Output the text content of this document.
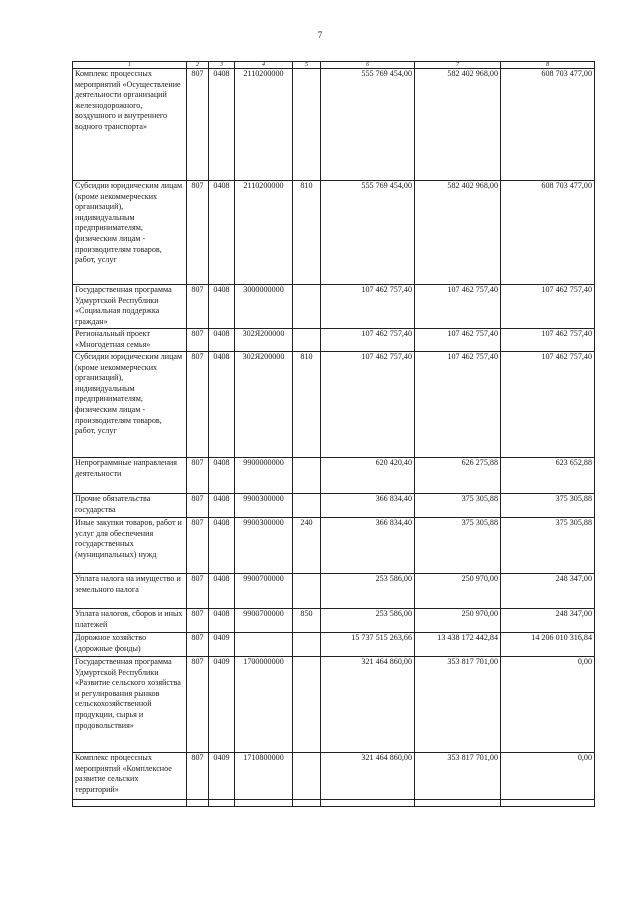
7
1	2	3	4	5	6	7	8
Комплекс процессных мероприятий «Осуществление деятельности организаций железнодорожного, воздушного и внутреннего водного транспорта»	807	0408	2110200000		555 769 454,00	582 402 968,00	608 703 477,00
Субсидии юридическим лицам (кроме некоммерческих организаций), индивидуальным предпринимателям, физическим лицам - производителям товаров, работ, услуг	807	0408	2110200000	810	555 769 454,00	582 402 968,00	608 703 477,00
Государственная программа Удмуртской Республики «Социальная поддержка граждан»	807	0408	3000000000		107 462 757,40	107 462 757,40	107 462 757,40
Региональный проект «Многодетная семья»	807	0408	302Я200000		107 462 757,40	107 462 757,40	107 462 757,40
Субсидии юридическим лицам (кроме некоммерческих организаций), индивидуальным предпринимателям, физическим лицам - производителям товаров, работ, услуг	807	0408	302Я200000	810	107 462 757,40	107 462 757,40	107 462 757,40
Непрограммные направления деятельности	807	0408	9900000000		620 420,40	626 275,88	623 652,88
Прочие обязательства государства	807	0408	9900300000		366 834,40	375 305,88	375 305,88
Иные закупки товаров, работ и услуг для обеспечения государственных (муниципальных) нужд	807	0408	9900300000	240	366 834,40	375 305,88	375 305,88
Уплата налога на имущество и земельного налога	807	0408	9900700000		253 586,00	250 970,00	248 347,00
Уплата налогов, сборов и иных платежей	807	0408	9900700000	850	253 586,00	250 970,00	248 347,00
Дорожное хозяйство (дорожные фонды)	807	0409			15 737 515 263,66	13 438 172 442,84	14 206 010 316,84
Государственная программа Удмуртской Республики «Развитие сельского хозяйства и регулирования рынков сельскохозяйственной продукции, сырья и продовольствия»	807	0409	1700000000		321 464 860,00	353 817 701,00	0,00
Комплекс процессных мероприятий «Комплексное развитие сельских территорий»	807	0409	1710800000		321 464 860,00	353 817 701,00	0,00
